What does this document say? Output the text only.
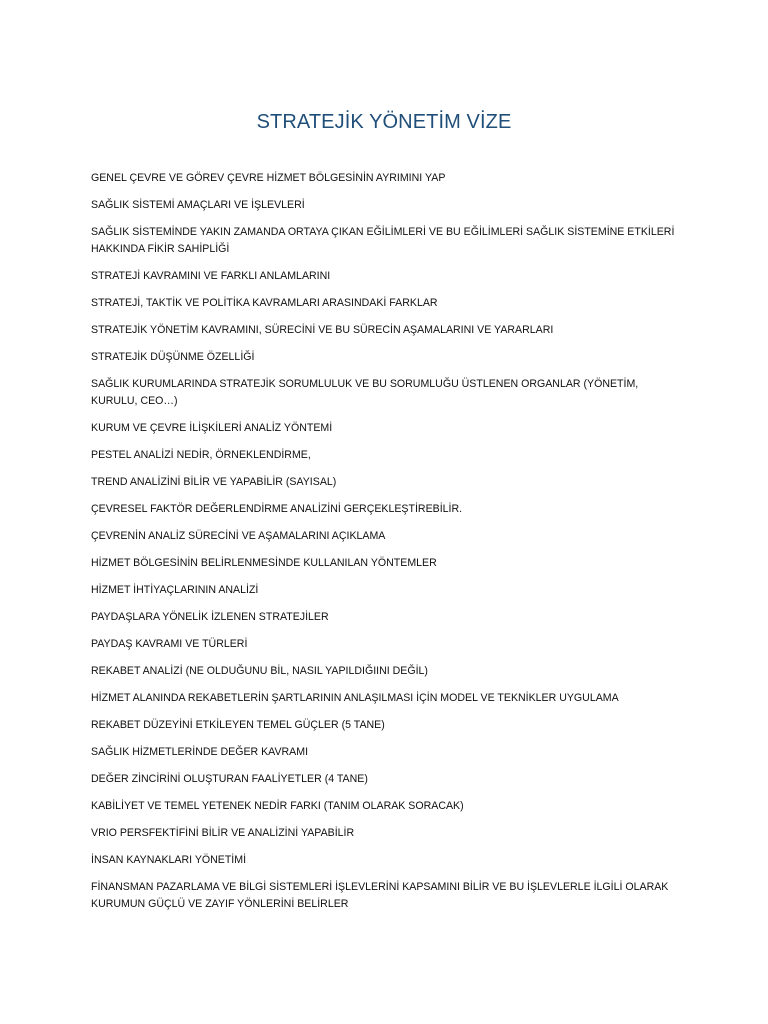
STRATEJİK YÖNETİM VİZE
GENEL ÇEVRE VE GÖREV ÇEVRE HİZMET BÖLGESİNİN AYRIMINI YAP
SAĞLIK SİSTEMİ AMAÇLARI VE İŞLEVLERİ
SAĞLIK SİSTEMİNDE YAKIN ZAMANDA ORTAYA ÇIKAN EĞİLİMLERİ VE BU EĞİLİMLERİ SAĞLIK SİSTEMİNE ETKİLERİ HAKKINDA FİKİR SAHİPLİĞİ
STRATEJİ KAVRAMINI VE FARKLI ANLAMLARINI
STRATEJİ, TAKTİK VE POLİTİKA KAVRAMLARI ARASINDAKİ FARKLAR
STRATEJİK YÖNETİM KAVRAMINI, SÜRECİNİ VE BU SÜRECİN AŞAMALARINI VE YARARLARI
STRATEJİK DÜŞÜNME ÖZELLİĞİ
SAĞLIK KURUMLARINDA STRATEJİK SORUMLULUK VE BU SORUMLUĞU ÜSTLENEN ORGANLAR (YÖNETİM, KURULU, CEO…)
KURUM VE ÇEVRE İLİŞKİLERİ ANALİZ YÖNTEMİ
PESTEL ANALİZİ NEDİR, ÖRNEKLENDİRME,
TREND ANALİZİNİ BİLİR VE YAPABİLİR (SAYISAL)
ÇEVRESEL FAKTÖR DEĞERLENDİRME ANALİZİNİ GERÇEKLEŞTİREBİLİR.
ÇEVRENİN ANALİZ SÜRECİNİ VE AŞAMALARINI AÇIKLAMA
HİZMET BÖLGESİNİN BELİRLENMESİNDE KULLANILAN YÖNTEMLER
HİZMET İHTİYAÇLARININ ANALİZİ
PAYDAŞLARA YÖNELİK İZLENEN STRATEJİLER
PAYDAŞ KAVRAMI VE TÜRLERİ
REKABET ANALİZİ (NE OLDUĞUNU BİL, NASIL YAPILDIĞIINI DEĞİL)
HİZMET ALANINDA REKABETLERİN ŞARTLARININ ANLAŞILMASI İÇİN MODEL VE TEKNİKLER UYGULAMA
REKABET DÜZEYİNİ ETKİLEYEN TEMEL GÜÇLER (5 TANE)
SAĞLIK HİZMETLERİNDE DEĞER KAVRAMI
DEĞER ZİNCİRİNİ OLUŞTURAN FAALİYETLER (4 TANE)
KABİLİYET VE TEMEL YETENEK NEDİR FARKI (TANIM OLARAK SORACAK)
VRIO PERSFEKTİFİNİ BİLİR VE ANALİZİNİ YAPABİLİR
İNSAN KAYNAKLARI YÖNETİMİ
FİNANSMAN PAZARLAMA VE BİLGİ SİSTEMLERİ İŞLEVLERİNİ KAPSAMINI BİLİR VE BU İŞLEVLERLE İLGİLİ OLARAK KURUMUN GÜÇLÜ VE ZAYIF YÖNLERİNİ BELİRLER
